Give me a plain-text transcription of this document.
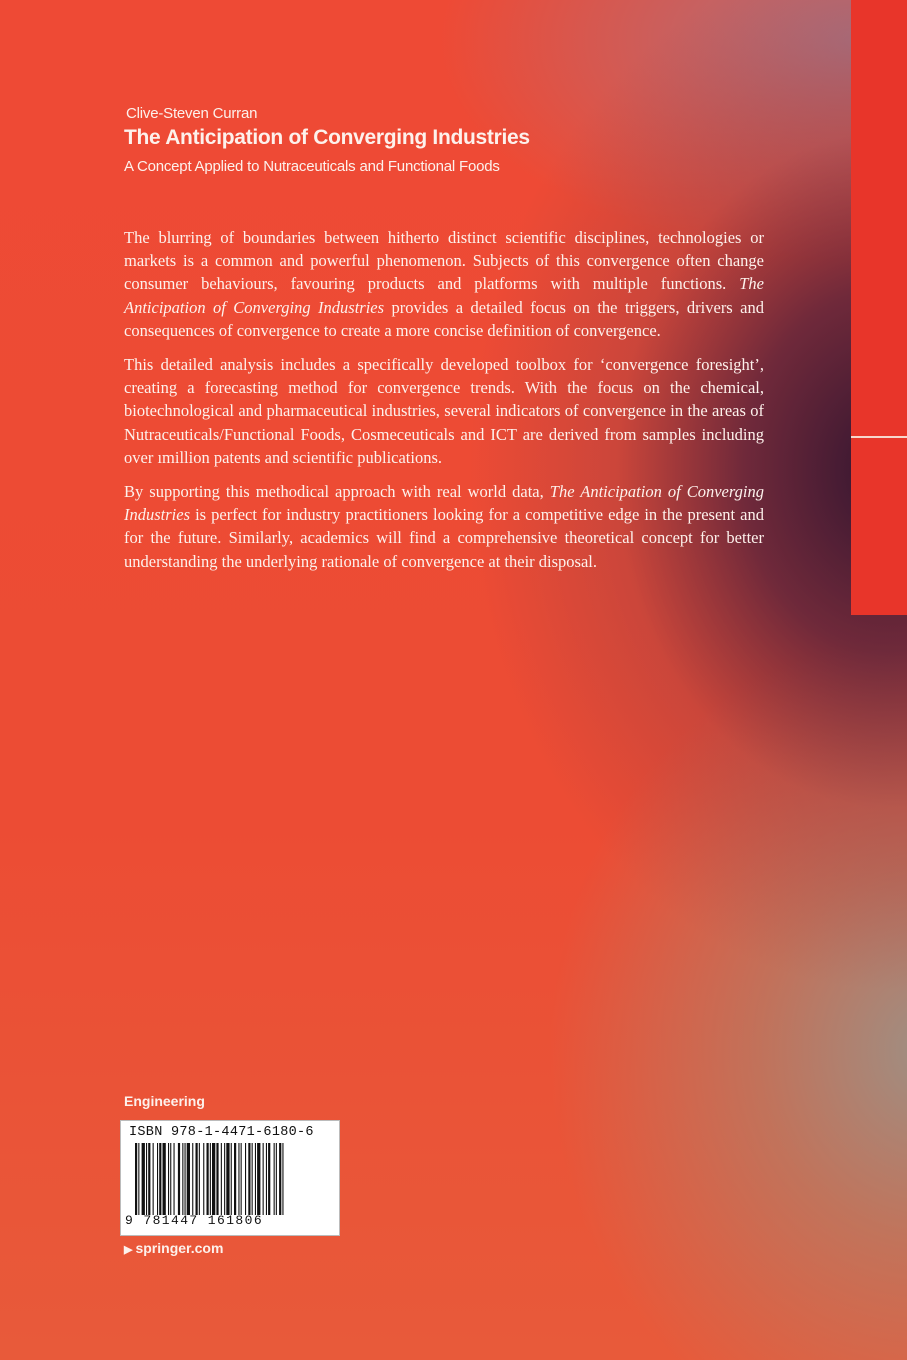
Clive-Steven Curran
The Anticipation of Converging Industries
A Concept Applied to Nutraceuticals and Functional Foods

The blurring of boundaries between hitherto distinct scientific disciplines, technologies or markets is a common and powerful phenomenon. Subjects of this convergence often change consumer behaviours, favouring products and platforms with multiple functions. The Anticipation of Converging Industries provides a detailed focus on the triggers, drivers and consequences of convergence to create a more concise definition of convergence.

This detailed analysis includes a specifically developed toolbox for ‘convergence foresight’, creating a forecasting method for convergence trends. With the focus on the chemical, biotechnological and pharmaceutical industries, several indicators of convergence in the areas of Nutraceuticals/Functional Foods, Cosmeceuticals and ICT are derived from samples including over ımillion patents and scientific publications.

By supporting this methodical approach with real world data, The Anticipation of Converging Industries is perfect for industry practitioners looking for a competitive edge in the present and for the future. Similarly, academics will find a comprehensive theoretical concept for better understanding the underlying rationale of convergence at their disposal.

Engineering
ISBN 978-1-4471-6180-6
9 781447 161806
▶ springer.com
